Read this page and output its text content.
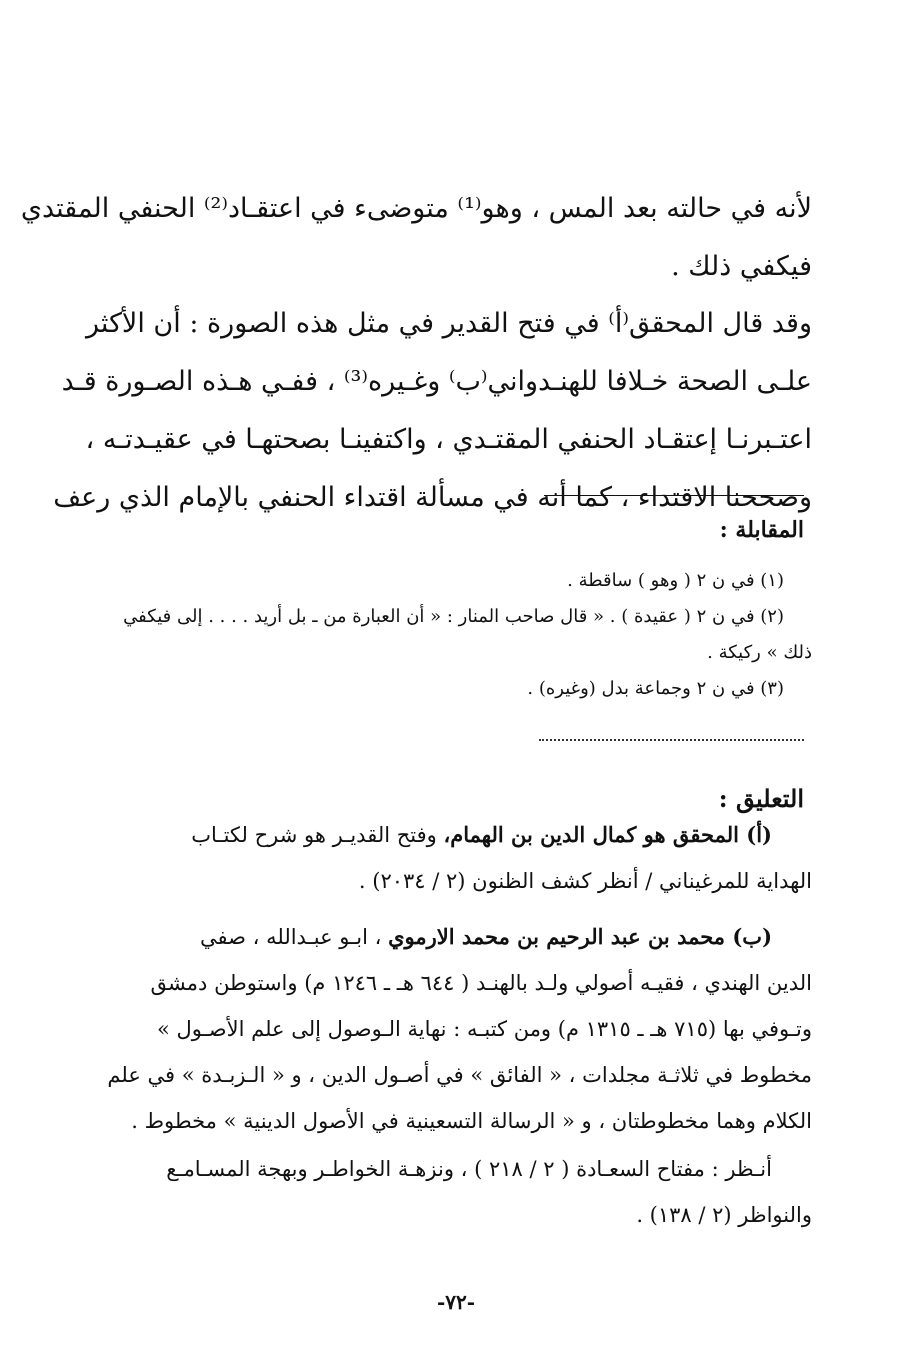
لأنه في حالته بعد المس ، وهو⁽¹⁾ متوضىء في اعتقـاد⁽²⁾ الحنفي المقتدي
فيكفي ذلك .
وقد قال المحقق⁽أ⁾ في فتح القدير في مثل هذه الصورة : أن الأكثر
علـى الصحة خـلافا للهنـدواني⁽ب⁾ وغـيره⁽³⁾ ، ففـي هـذه الصـورة قـد
اعتـبرنـا إعتقـاد الحنفي المقتـدي ، واكتفينـا بصحتهـا في عقيـدتـه ،
وصححنا الاقتداء ، كما أنه في مسألة اقتداء الحنفي بالإمام الذي رعف
المقابلة :
(١) في ن ٢ ( وهو ) ساقطة .
(٢) في ن ٢ ( عقيدة ) . « قال صاحب المنار : « أن العبارة من ـ بل أريد . . . . إلى فيكفي
ذلك » ركيكة .
(٣) في ن ٢ وجماعة بدل (وغيره) .
التعليق :
(أ) المحقق هو كمال الدين بن الهمام، وفتح القديـر هو شرح لكتـاب
الهداية للمرغيناني / أنظر كشف الظنون (٢ / ٢٠٣٤) .
(ب) محمد بن عبد الرحيم بن محمد الارموي ، ابـو عبـدالله ، صفي
الدين الهندي ، فقيـه أصولي ولـد بالهنـد ( ٦٤٤ هـ ـ ١٢٤٦ م) واستوطن دمشق
وتـوفي بها (٧١٥ هـ ـ ١٣١٥ م) ومن كتبـه : نهاية الـوصول إلى علم الأصـول »
مخطوط في ثلاثـة مجلدات ، « الفائق » في أصـول الدين ، و « الـزبـدة » في علم
الكلام وهما مخطوطتان ، و « الرسالة التسعينية في الأصول الدينية » مخطوط .
أنـظر : مفتاح السعـادة ( ٢ / ٢١٨ ) ، ونزهـة الخواطـر وبهجة المسـامـع
والنواظر (٢ / ١٣٨) .
-٧٢-
